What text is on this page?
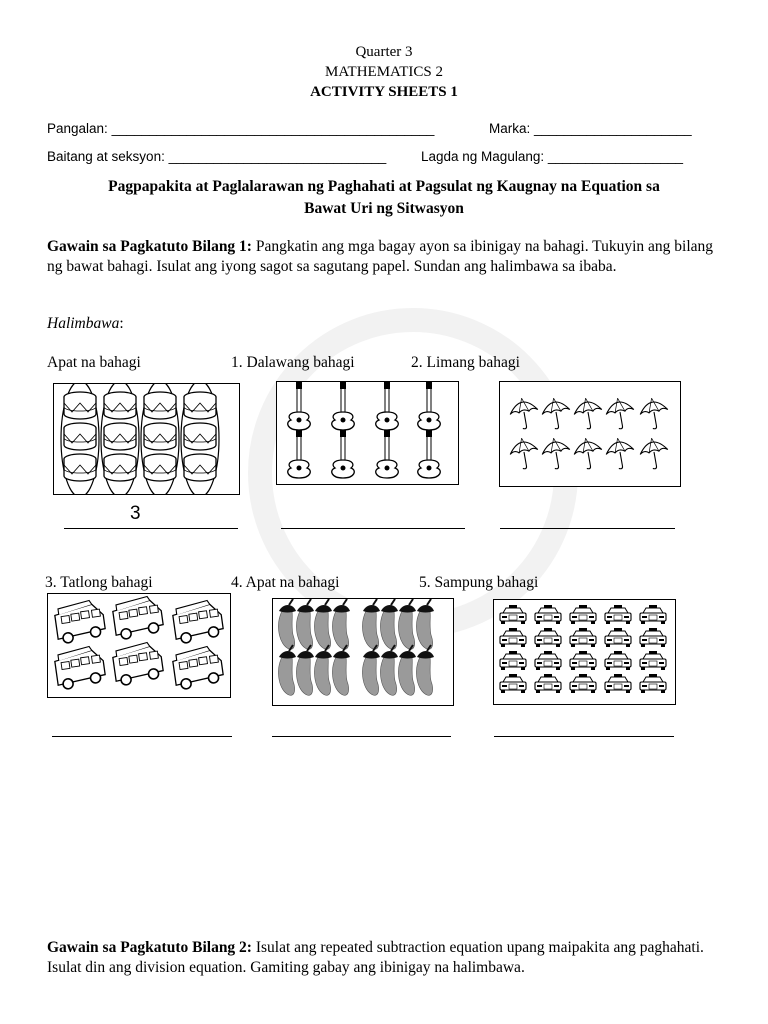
Quarter 3
MATHEMATICS 2
ACTIVITY SHEETS 1
Pangalan: ___________________________________________	Marka: _____________________
Baitang at seksyon: _____________________________	Lagda ng Magulang: __________________
Pagpapakita at Paglalarawan ng Paghahati at Pagsulat ng Kaugnay na Equation sa
Bawat Uri ng Sitwasyon
Gawain sa Pagkatuto Bilang 1: Pangkatin ang mga bagay ayon sa ibinigay na bahagi. Tukuyin ang bilang ng bawat bahagi. Isulat ang iyong sagot sa sagutang papel. Sundan ang halimbawa sa ibaba.
Halimbawa:
Apat na bahagi	1. Dalawang bahagi	2. Limang bahagi
3
3. Tatlong bahagi	4. Apat na bahagi	5. Sampung bahagi
Gawain sa Pagkatuto Bilang 2: Isulat ang repeated subtraction equation upang maipakita ang paghahati. Isulat din ang division equation. Gamiting gabay ang ibinigay na halimbawa.
